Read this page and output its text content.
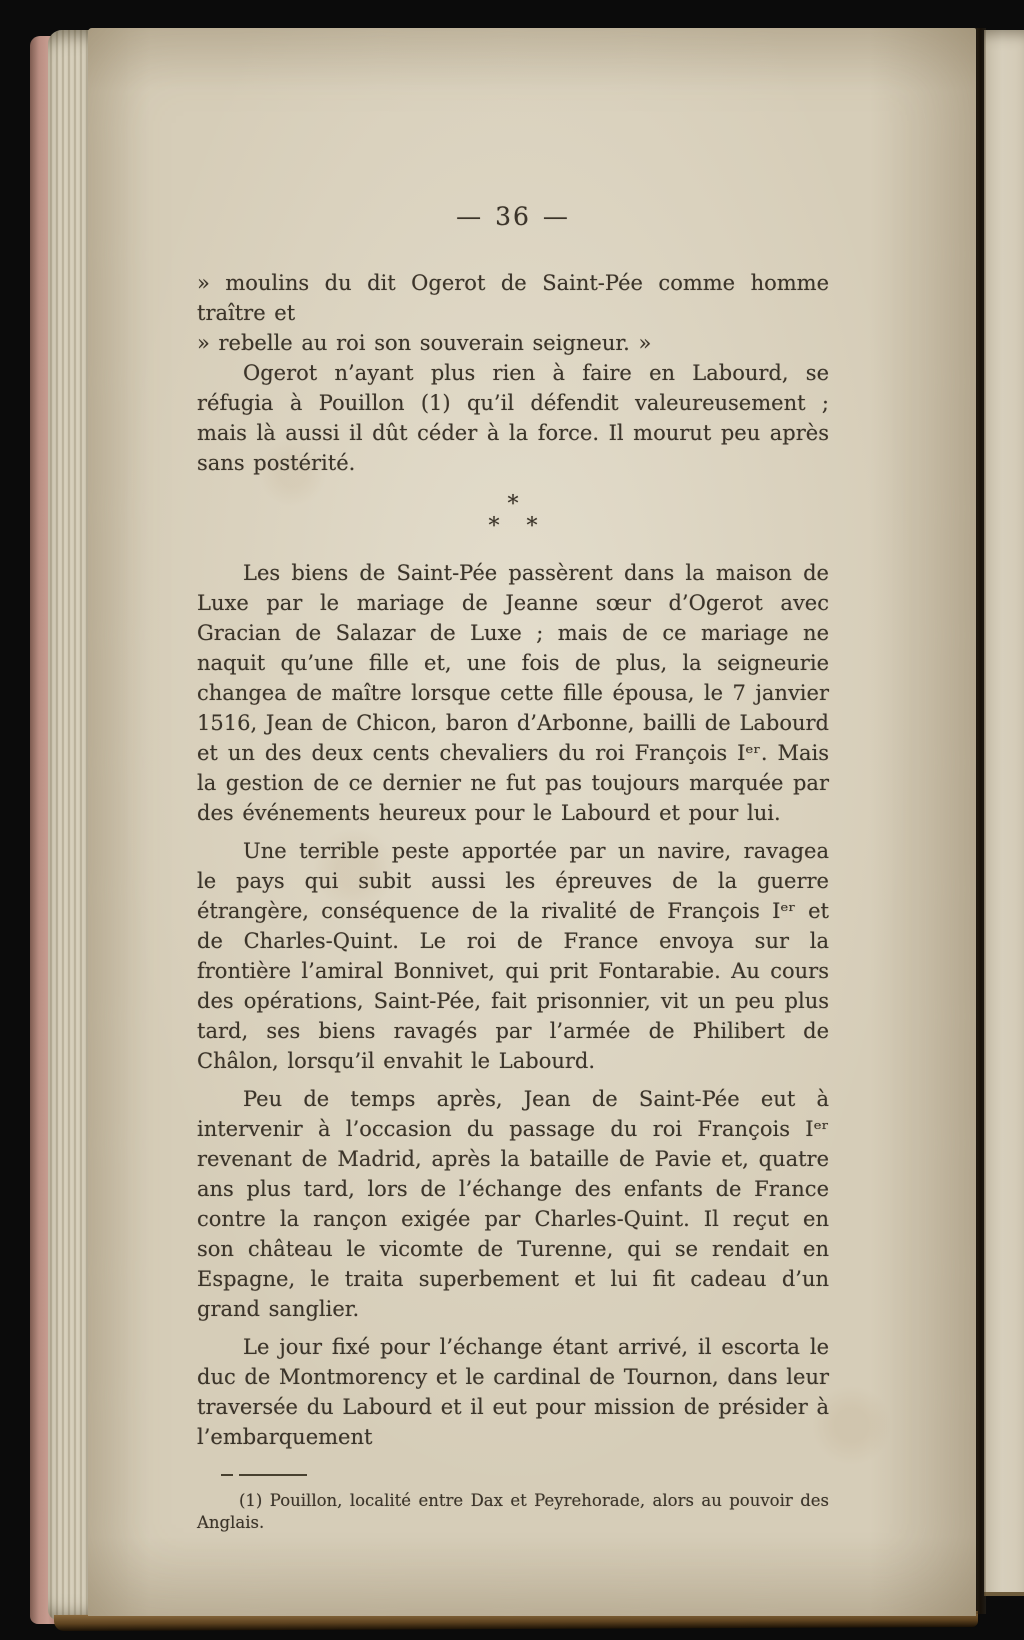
— 36 —

» moulins du dit Ogerot de Saint-Pée comme homme traître et

» rebelle au roi son souverain seigneur. »

Ogerot n’ayant plus rien à faire en Labourd, se réfugia à Pouillon (1) qu’il défendit valeureusement ; mais là aussi il dût céder à la force. Il mourut peu après sans postérité.

*
* *

Les biens de Saint-Pée passèrent dans la maison de Luxe par le mariage de Jeanne sœur d’Ogerot avec Gracian de Salazar de Luxe ; mais de ce mariage ne naquit qu’une fille et, une fois de plus, la seigneurie changea de maître lorsque cette fille épousa, le 7 janvier 1516, Jean de Chicon, baron d’Arbonne, bailli de Labourd et un des deux cents chevaliers du roi François Iᵉʳ. Mais la gestion de ce dernier ne fut pas toujours marquée par des événements heureux pour le Labourd et pour lui.

Une terrible peste apportée par un navire, ravagea le pays qui subit aussi les épreuves de la guerre étrangère, conséquence de la rivalité de François Iᵉʳ et de Charles-Quint. Le roi de France envoya sur la frontière l’amiral Bonnivet, qui prit Fontarabie. Au cours des opérations, Saint-Pée, fait prisonnier, vit un peu plus tard, ses biens ravagés par l’armée de Philibert de Châlon, lorsqu’il envahit le Labourd.

Peu de temps après, Jean de Saint-Pée eut à intervenir à l’occasion du passage du roi François Iᵉʳ revenant de Madrid, après la bataille de Pavie et, quatre ans plus tard, lors de l’échange des enfants de France contre la rançon exigée par Charles-Quint. Il reçut en son château le vicomte de Turenne, qui se rendait en Espagne, le traita superbement et lui fit cadeau d’un grand sanglier.

Le jour fixé pour l’échange étant arrivé, il escorta le duc de Montmorency et le cardinal de Tournon, dans leur traversée du Labourd et il eut pour mission de présider à l’embarquement

(1) Pouillon, localité entre Dax et Peyrehorade, alors au pouvoir des Anglais.
